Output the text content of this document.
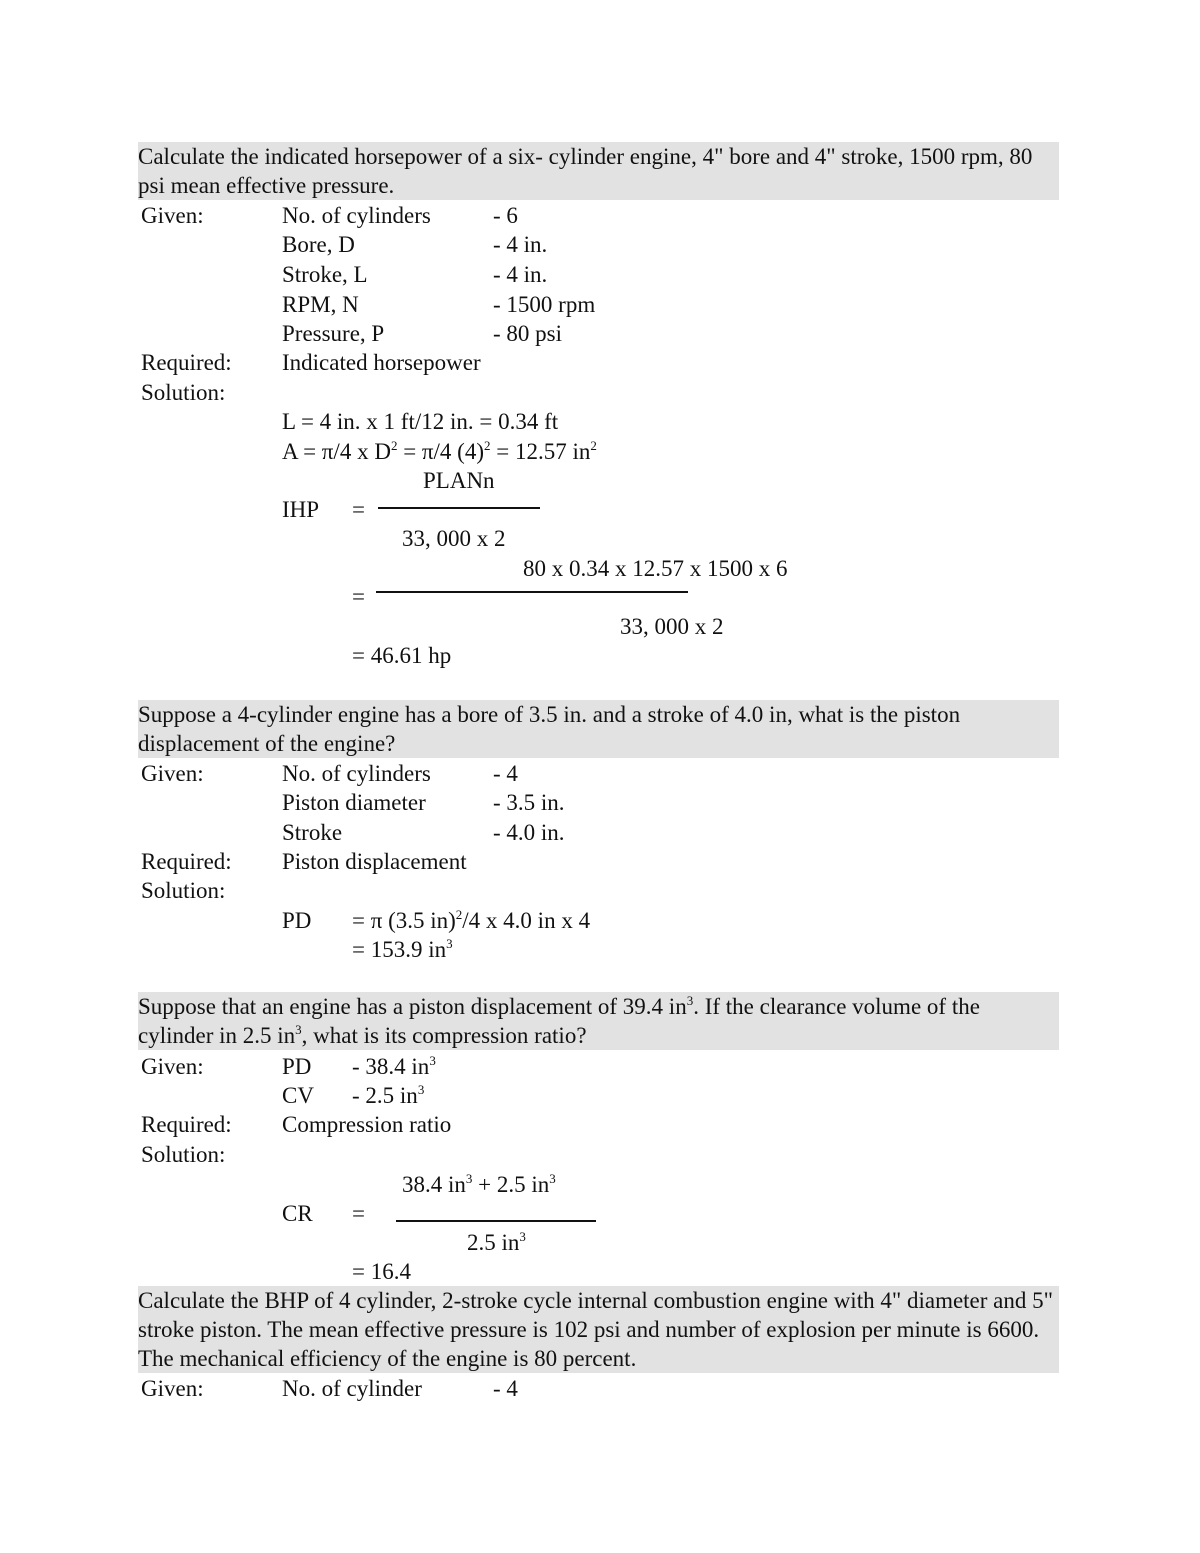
Calculate the indicated horsepower of a six- cylinder engine, 4" bore and 4" stroke, 1500 rpm, 80 psi mean effective pressure.
Given:	No. of cylinders	- 6
Bore, D	- 4 in.
Stroke, L	- 4 in.
RPM, N	- 1500 rpm
Pressure, P	- 80 psi
Required: Indicated horsepower
Solution:
L = 4 in. x 1 ft/12 in. = 0.34 ft
A = π/4 x $D^2 = \pi/4$ $(4)^2 = 12.57$ $in^2$
PLANn
IHP =
33, 000 x 2
80 x 0.34 x 12.57 x 1500 x 6
=
33, 000 x 2
= 46.61 hp
Suppose a 4-cylinder engine has a bore of 3.5 in. and a stroke of 4.0 in, what is the piston displacement of the engine?
Given:	No. of cylinders	- 4
Piston diameter	- 3.5 in.
Stroke	- 4.0 in.
Required: Piston displacement
Solution:
PD = π (3.5 in)$^2$/4 x 4.0 in x 4
= 153.9 $in^3$
Suppose that an engine has a piston displacement of 39.4 $in^3$. If the clearance volume of the cylinder in 2.5 $in^3$, what is its compression ratio?
Given:	PD - 38.4 $in^3$
CV - 2.5 $in^3$
Required: Compression ratio
Solution:
38.4 $in^3 + 2.5$ $in^3$
CR =
2.5 $in^3$
= 16.4
Calculate the BHP of 4 cylinder, 2-stroke cycle internal combustion engine with 4" diameter and 5" stroke piston. The mean effective pressure is 102 psi and number of explosion per minute is 6600. The mechanical efficiency of the engine is 80 percent.
Given:	No. of cylinder	- 4
